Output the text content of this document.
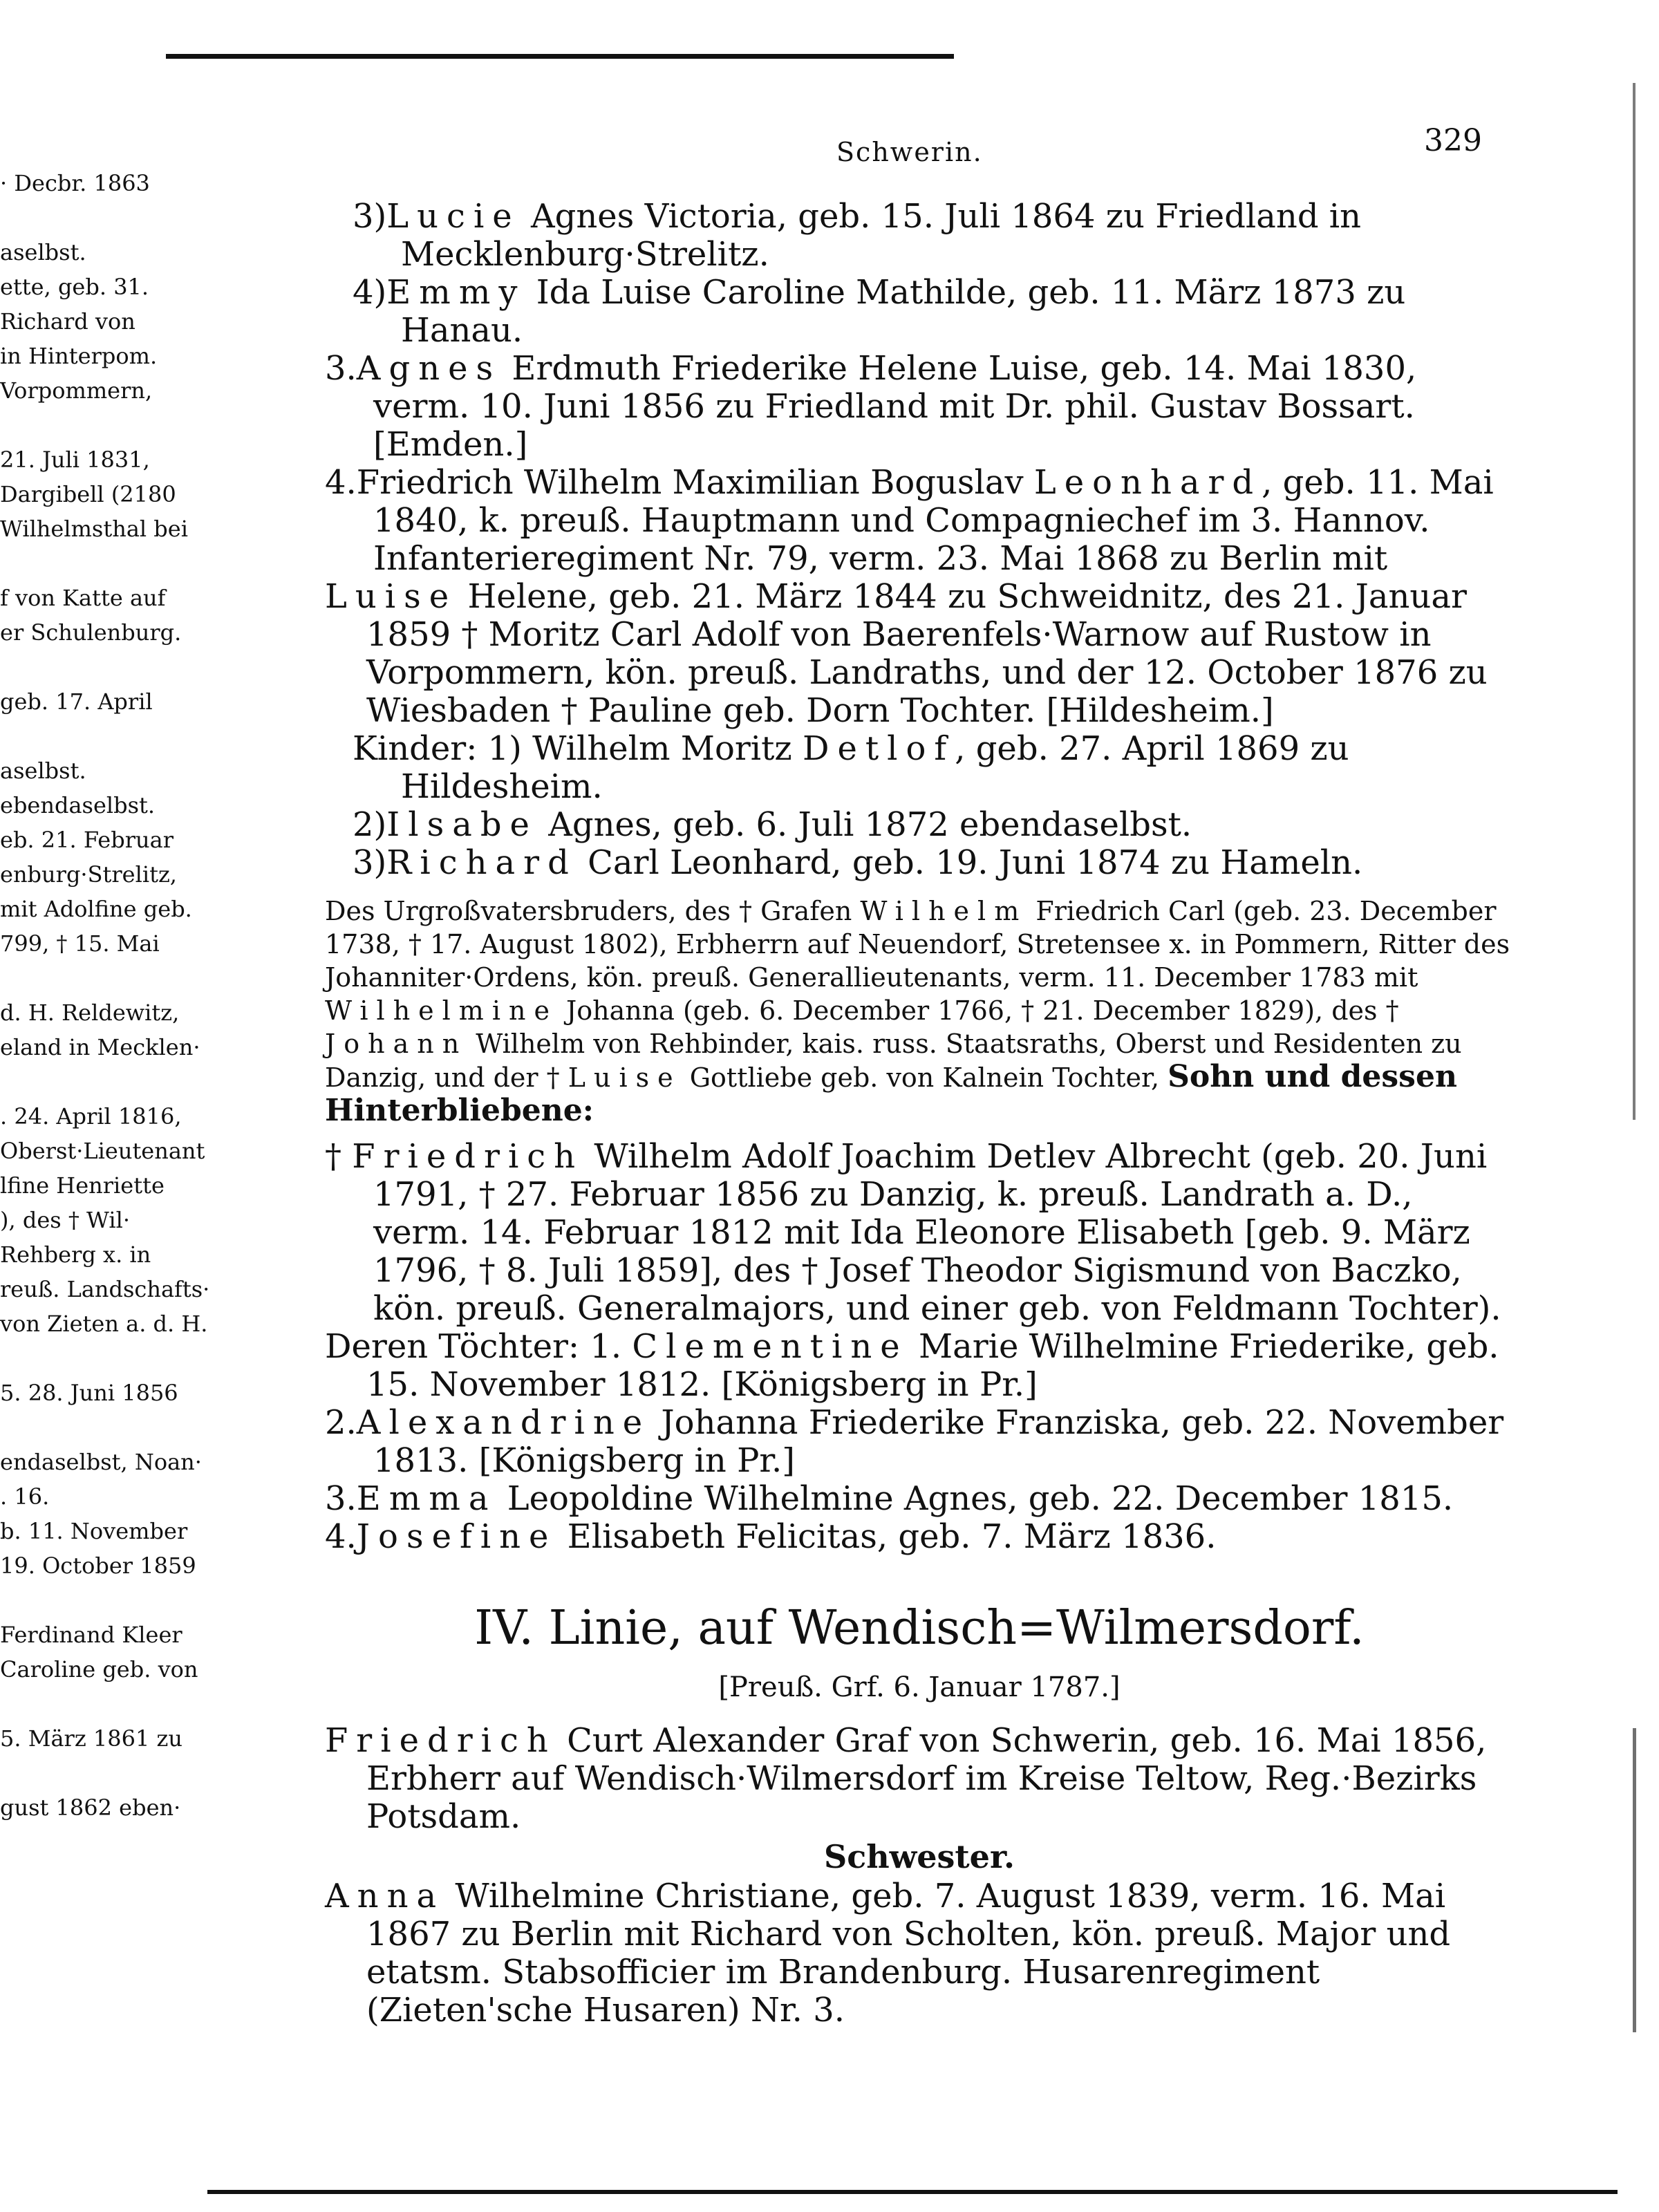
Schwerin.	329
· Decbr. 1863
aselbst.
ette, geb. 31.
Richard von
in Hinterpom.
Vorpommern,
21. Juli 1831,
Dargibell (2180
Wilhelmsthal bei
f von Katte auf
er Schulenburg.
geb. 17. April
aselbst.
ebendaselbst.
eb. 21. Februar
enburg·Strelitz,
mit Adolfine geb.
799, † 15. Mai
d. H. Reldewitz,
eland in Mecklen·
. 24. April 1816,
Oberst·Lieutenant
lfine Henriette
), des † Wil·
Rehberg x. in
reuß. Landschafts·
von Zieten a. d. H.
5. 28. Juni 1856
endaselbst, Noan·
. 16.
b. 11. November
19. October 1859
Ferdinand Kleer
Caroline geb. von
5. März 1861 zu
gust 1862 eben·
3)Lucie Agnes Victoria, geb. 15. Juli 1864 zu Friedland in Mecklenburg·Strelitz.
4)Emmy Ida Luise Caroline Mathilde, geb. 11. März 1873 zu Hanau.
3.Agnes Erdmuth Friederike Helene Luise, geb. 14. Mai 1830, verm. 10. Juni 1856 zu Friedland mit Dr. phil. Gustav Bossart. [Emden.]
4.Friedrich Wilhelm Maximilian Boguslav Leonhard, geb. 11. Mai 1840, k. preuß. Hauptmann und Compagniechef im 3. Hannov. Infanterieregiment Nr. 79, verm. 23. Mai 1868 zu Berlin mit
Luise Helene, geb. 21. März 1844 zu Schweidnitz, des 21. Januar 1859 † Moritz Carl Adolf von Baerenfels·Warnow auf Rustow in Vorpommern, kön. preuß. Landraths, und der 12. October 1876 zu Wiesbaden † Pauline geb. Dorn Tochter. [Hildesheim.]
Kinder: 1) Wilhelm Moritz Detlof, geb. 27. April 1869 zu Hildesheim.
2)Ilsabe Agnes, geb. 6. Juli 1872 ebendaselbst.
3)Richard Carl Leonhard, geb. 19. Juni 1874 zu Hameln.
Des Urgroßvatersbruders, des † Grafen Wilhelm Friedrich Carl (geb. 23. December 1738, † 17. August 1802), Erbherrn auf Neuendorf, Stretensee x. in Pommern, Ritter des Johanniter·Ordens, kön. preuß. Generallieutenants, verm. 11. December 1783 mit Wilhelmine Johanna (geb. 6. December 1766, † 21. December 1829), des † Johann Wilhelm von Rehbinder, kais. russ. Staatsraths, Oberst und Residenten zu Danzig, und der † Luise Gottliebe geb. von Kalnein Tochter, Sohn und dessen Hinterbliebene:
† Friedrich Wilhelm Adolf Joachim Detlev Albrecht (geb. 20. Juni 1791, † 27. Februar 1856 zu Danzig, k. preuß. Landrath a. D., verm. 14. Februar 1812 mit Ida Eleonore Elisabeth [geb. 9. März 1796, † 8. Juli 1859], des † Josef Theodor Sigismund von Baczko, kön. preuß. Generalmajors, und einer geb. von Feldmann Tochter).
Deren Töchter: 1. Clementine Marie Wilhelmine Friederike, geb. 15. November 1812. [Königsberg in Pr.]
2.Alexandrine Johanna Friederike Franziska, geb. 22. November 1813. [Königsberg in Pr.]
3.Emma Leopoldine Wilhelmine Agnes, geb. 22. December 1815.
4.Josefine Elisabeth Felicitas, geb. 7. März 1836.
IV. Linie, auf Wendisch=Wilmersdorf.
[Preuß. Grf. 6. Januar 1787.]
Friedrich Curt Alexander Graf von Schwerin, geb. 16. Mai 1856, Erbherr auf Wendisch·Wilmersdorf im Kreise Teltow, Reg.·Bezirks Potsdam.
Schwester.
Anna Wilhelmine Christiane, geb. 7. August 1839, verm. 16. Mai 1867 zu Berlin mit Richard von Scholten, kön. preuß. Major und etatsm. Stabsofficier im Brandenburg. Husarenregiment (Zieten'sche Husaren) Nr. 3.
